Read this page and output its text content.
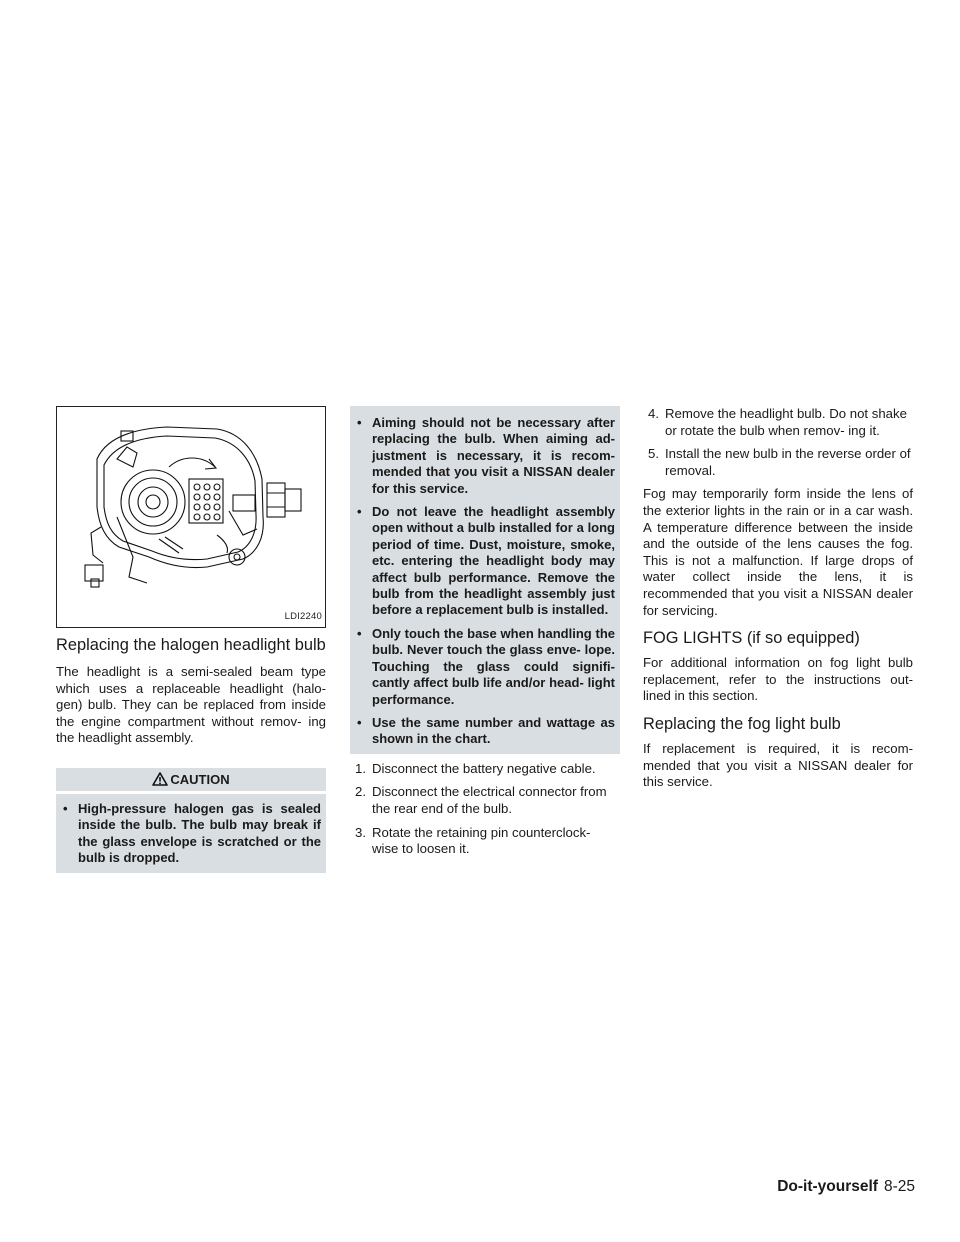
LDI2240
Replacing the halogen headlight bulb

The headlight is a semi-sealed beam type which uses a replaceable headlight (halo- gen) bulb. They can be replaced from inside the engine compartment without remov- ing the headlight assembly.

CAUTION
• High-pressure halogen gas is sealed inside the bulb. The bulb may break if the glass envelope is scratched or the bulb is dropped.
• Aiming should not be necessary after replacing the bulb. When aiming ad- justment is necessary, it is recom- mended that you visit a NISSAN dealer for this service.
• Do not leave the headlight assembly open without a bulb installed for a long period of time. Dust, moisture, smoke, etc. entering the headlight body may affect bulb performance. Remove the bulb from the headlight assembly just before a replacement bulb is installed.
• Only touch the base when handling the bulb. Never touch the glass enve- lope. Touching the glass could signifi- cantly affect bulb life and/or head- light performance.
• Use the same number and wattage as shown in the chart.
1. Disconnect the battery negative cable.
2. Disconnect the electrical connector from the rear end of the bulb.
3. Rotate the retaining pin counterclock- wise to loosen it.
4. Remove the headlight bulb. Do not shake or rotate the bulb when remov- ing it.
5. Install the new bulb in the reverse order of removal.

Fog may temporarily form inside the lens of the exterior lights in the rain or in a car wash. A temperature difference between the inside and the outside of the lens causes the fog. This is not a malfunction. If large drops of water collect inside the lens, it is recommended that you visit a NISSAN dealer for servicing.

FOG LIGHTS (if so equipped)

For additional information on fog light bulb replacement, refer to the instructions out- lined in this section.

Replacing the fog light bulb

If replacement is required, it is recom- mended that you visit a NISSAN dealer for this service.

Do-it-yourself 8-25
